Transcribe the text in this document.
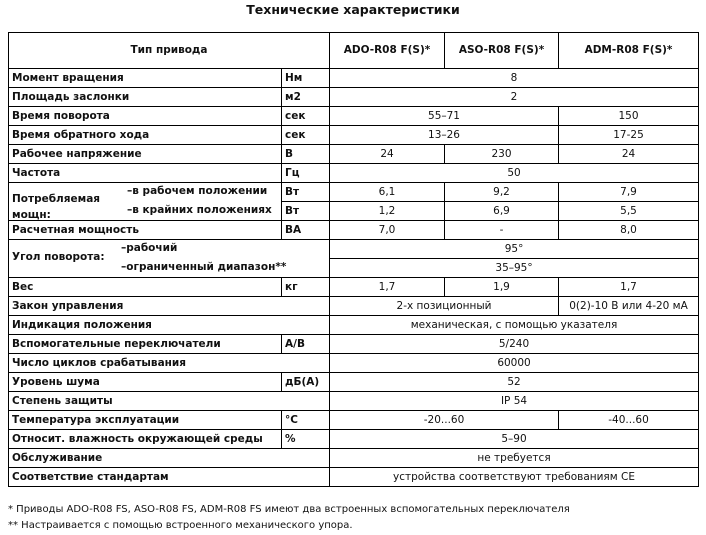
Технические характеристики
Тип привода		ADO-R08 F(S)*	ASO-R08 F(S)*	ADM-R08 F(S)*
Момент вращения	Нм	8		
Площадь заслонки	м2	2		
Время поворота	сек	55–71		150
Время обратного хода	сек	13–26		17-25
Рабочее напряжение	В	24	230	24
Частота	Гц	50		

Потребляемая мощн:
–в рабочем положении	Вт	6,1	9,2	7,9

–в крайних положениях	Вт	1,2	6,9	5,5
Расчетная мощность	ВА	7,0	-	8,0

Угол поворота:
–рабочий		95°		

–ограниченный диапазон**		35–95°		
Вес	кг	1,7	1,9	1,7
Закон управления		2-х позиционный		0(2)-10 В или 4-20 мА
Индикация положения		механическая, с помощью указателя		
Вспомогательные переключатели	А/В	5/240		
Число циклов срабатывания		60000		
Уровень шума	дБ(А)	52		
Степень защиты		IP 54		
Температура эксплуатации	°С	-20...60		-40...60
Относит. влажность окружающей среды	%	5–90		
Обслуживание		не требуется		
Соответствие стандартам		устройства соответствуют требованиям CE		
* Приводы ADO-R08 FS, ASO-R08 FS, ADM-R08 FS имеют два встроенных вспомогательных переключателя
** Настраивается с помощью встроенного механического упора.
